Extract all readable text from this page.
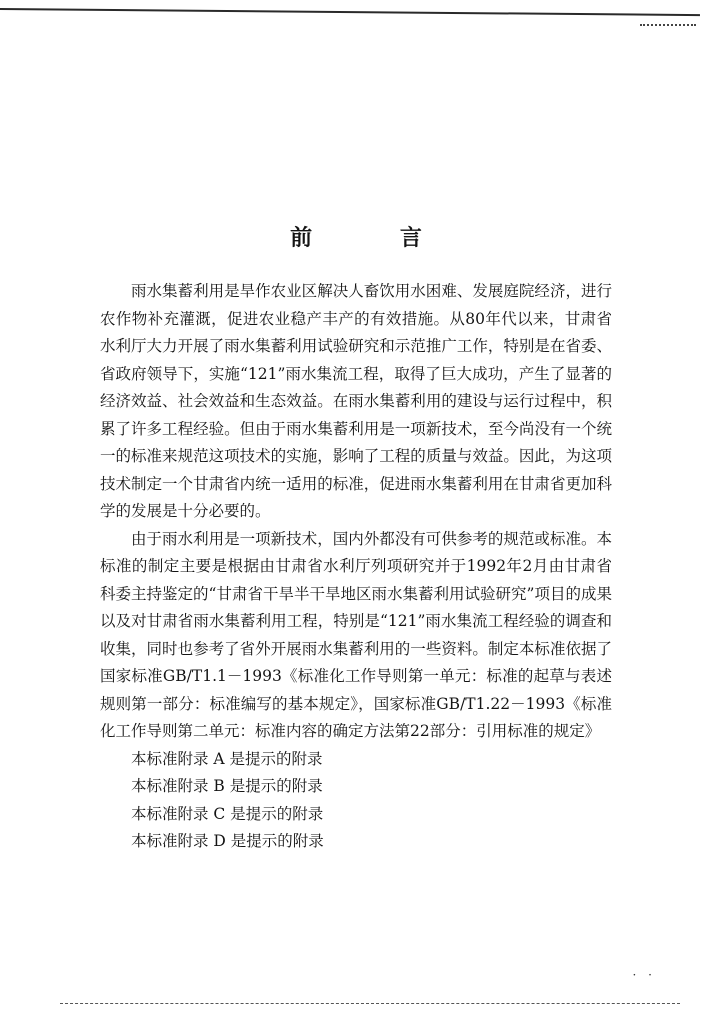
前 言

雨水集蓄利用是旱作农业区解决人畜饮用水困难、发展庭院经济，进行农作物补充灌溉，促进农业稳产丰产的有效措施。从80年代以来，甘肃省水利厅大力开展了雨水集蓄利用试验研究和示范推广工作，特别是在省委、省政府领导下，实施“121”雨水集流工程，取得了巨大成功，产生了显著的经济效益、社会效益和生态效益。在雨水集蓄利用的建设与运行过程中，积累了许多工程经验。但由于雨水集蓄利用是一项新技术，至今尚没有一个统一的标准来规范这项技术的实施，影响了工程的质量与效益。因此，为这项技术制定一个甘肃省内统一适用的标准，促进雨水集蓄利用在甘肃省更加科学的发展是十分必要的。

由于雨水利用是一项新技术，国内外都没有可供参考的规范或标准。本标准的制定主要是根据由甘肃省水利厅列项研究并于1992年2月由甘肃省科委主持鉴定的“甘肃省干旱半干旱地区雨水集蓄利用试验研究”项目的成果以及对甘肃省雨水集蓄利用工程，特别是“121”雨水集流工程经验的调查和收集，同时也参考了省外开展雨水集蓄利用的一些资料。制定本标准依据了国家标准GB/T1.1－1993《标准化工作导则第一单元：标准的起草与表述规则第一部分：标准编写的基本规定》，国家标准GB/T1.22－1993《标准化工作导则第二单元：标准内容的确定方法第22部分：引用标准的规定》

本标准附录 A 是提示的附录
本标准附录 B 是提示的附录
本标准附录 C 是提示的附录
本标准附录 D 是提示的附录
· ·
